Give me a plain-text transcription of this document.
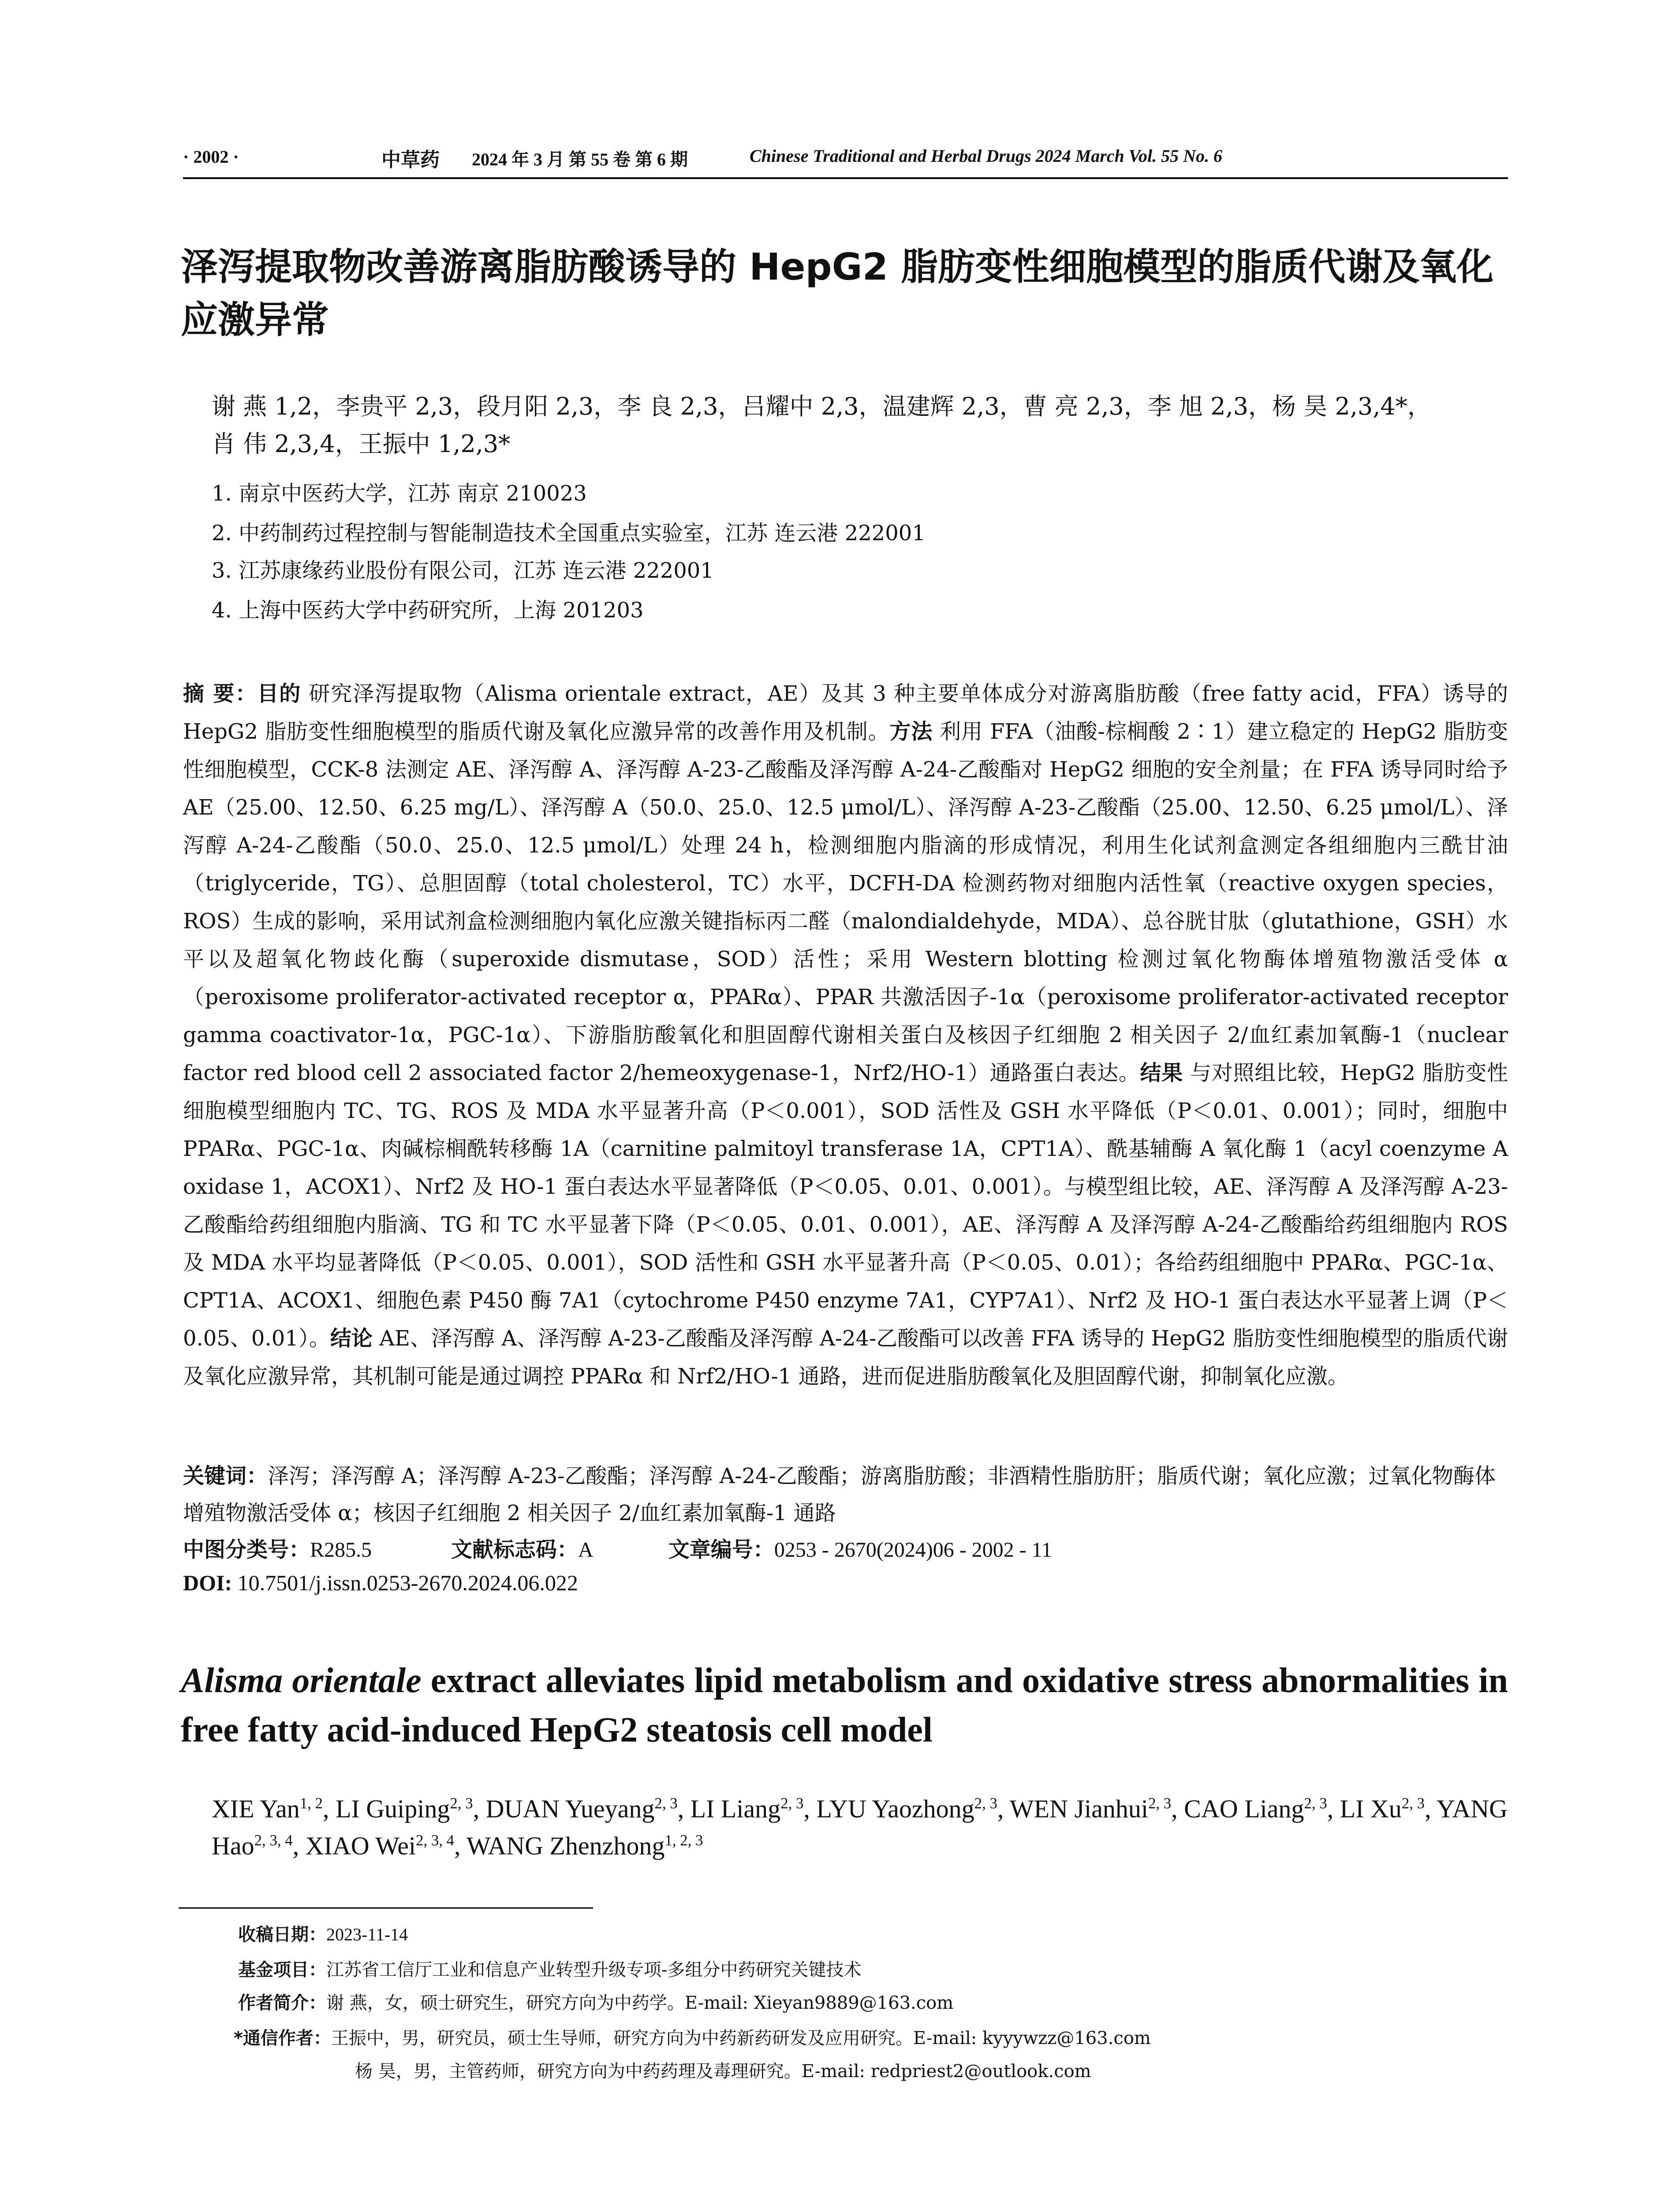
· 2002 ·	中草药 2024 年 3 月 第 55 卷 第 6 期	Chinese Traditional and Herbal Drugs 2024 March Vol. 55 No. 6
泽泻提取物改善游离脂肪酸诱导的 HepG2 脂肪变性细胞模型的脂质代谢及氧化应激异常
谢 燕 1,2，李贵平 2,3，段月阳 2,3，李 良 2,3，吕耀中 2,3，温建辉 2,3，曹 亮 2,3，李 旭 2,3，杨 昊 2,3,4*，
肖 伟 2,3,4，王振中 1,2,3*
1. 南京中医药大学，江苏 南京 210023
2. 中药制药过程控制与智能制造技术全国重点实验室，江苏 连云港 222001
3. 江苏康缘药业股份有限公司，江苏 连云港 222001
4. 上海中医药大学中药研究所，上海 201203
摘 要：目的 研究泽泻提取物（Alisma orientale extract，AE）及其 3 种主要单体成分对游离脂肪酸（free fatty acid，FFA）诱导的 HepG2 脂肪变性细胞模型的脂质代谢及氧化应激异常的改善作用及机制。方法 利用 FFA（油酸-棕榈酸 2∶1）建立稳定的 HepG2 脂肪变性细胞模型，CCK-8 法测定 AE、泽泻醇 A、泽泻醇 A-23-乙酸酯及泽泻醇 A-24-乙酸酯对 HepG2 细胞的安全剂量；在 FFA 诱导同时给予 AE（25.00、12.50、6.25 mg/L）、泽泻醇 A（50.0、25.0、12.5 μmol/L）、泽泻醇 A-23-乙酸酯（25.00、12.50、6.25 μmol/L）、泽泻醇 A-24-乙酸酯（50.0、25.0、12.5 μmol/L）处理 24 h，检测细胞内脂滴的形成情况，利用生化试剂盒测定各组细胞内三酰甘油（triglyceride，TG）、总胆固醇（total cholesterol，TC）水平，DCFH-DA 检测药物对细胞内活性氧（reactive oxygen species，ROS）生成的影响，采用试剂盒检测细胞内氧化应激关键指标丙二醛（malondialdehyde，MDA）、总谷胱甘肽（glutathione，GSH）水平以及超氧化物歧化酶（superoxide dismutase，SOD）活性；采用 Western blotting 检测过氧化物酶体增殖物激活受体 α（peroxisome proliferator-activated receptor α，PPARα）、PPAR 共激活因子-1α（peroxisome proliferator-activated receptor gamma coactivator-1α，PGC-1α）、下游脂肪酸氧化和胆固醇代谢相关蛋白及核因子红细胞 2 相关因子 2/血红素加氧酶-1（nuclear factor red blood cell 2 associated factor 2/hemeoxygenase-1，Nrf2/HO-1）通路蛋白表达。结果 与对照组比较，HepG2 脂肪变性细胞模型细胞内 TC、TG、ROS 及 MDA 水平显著升高（P＜0.001），SOD 活性及 GSH 水平降低（P＜0.01、0.001）；同时，细胞中 PPARα、PGC-1α、肉碱棕榈酰转移酶 1A（carnitine palmitoyl transferase 1A，CPT1A）、酰基辅酶 A 氧化酶 1（acyl coenzyme A oxidase 1，ACOX1）、Nrf2 及 HO-1 蛋白表达水平显著降低（P＜0.05、0.01、0.001）。与模型组比较，AE、泽泻醇 A 及泽泻醇 A-23-乙酸酯给药组细胞内脂滴、TG 和 TC 水平显著下降（P＜0.05、0.01、0.001），AE、泽泻醇 A 及泽泻醇 A-24-乙酸酯给药组细胞内 ROS 及 MDA 水平均显著降低（P＜0.05、0.001），SOD 活性和 GSH 水平显著升高（P＜0.05、0.01）；各给药组细胞中 PPARα、PGC-1α、CPT1A、ACOX1、细胞色素 P450 酶 7A1（cytochrome P450 enzyme 7A1，CYP7A1）、Nrf2 及 HO-1 蛋白表达水平显著上调（P＜0.05、0.01）。结论 AE、泽泻醇 A、泽泻醇 A-23-乙酸酯及泽泻醇 A-24-乙酸酯可以改善 FFA 诱导的 HepG2 脂肪变性细胞模型的脂质代谢及氧化应激异常，其机制可能是通过调控 PPARα 和 Nrf2/HO-1 通路，进而促进脂肪酸氧化及胆固醇代谢，抑制氧化应激。
关键词：泽泻；泽泻醇 A；泽泻醇 A-23-乙酸酯；泽泻醇 A-24-乙酸酯；游离脂肪酸；非酒精性脂肪肝；脂质代谢；氧化应激；过氧化物酶体增殖物激活受体 α；核因子红细胞 2 相关因子 2/血红素加氧酶-1 通路
中图分类号：R285.5	文献标志码：A	文章编号：0253 - 2670(2024)06 - 2002 - 11
DOI: 10.7501/j.issn.0253-2670.2024.06.022
Alisma orientale extract alleviates lipid metabolism and oxidative stress abnormalities in free fatty acid-induced HepG2 steatosis cell model
XIE Yan$^{1, 2}$, LI Guiping$^{2, 3}$, DUAN Yueyang$^{2, 3}$, LI Liang$^{2, 3}$, LYU Yaozhong$^{2, 3}$, WEN Jianhui$^{2, 3}$, CAO Liang$^{2, 3}$, LI Xu$^{2, 3}$, YANG Hao$^{2, 3, 4}$, XIAO Wei$^{2, 3, 4}$, WANG Zhenzhong$^{1, 2, 3}$
收稿日期：2023-11-14
基金项目：江苏省工信厅工业和信息产业转型升级专项-多组分中药研究关键技术
作者简介：谢 燕，女，硕士研究生，研究方向为中药学。E-mail: Xieyan9889@163.com
*通信作者：王振中，男，研究员，硕士生导师，研究方向为中药新药研发及应用研究。E-mail: kyyywzz@163.com
杨 昊，男，主管药师，研究方向为中药药理及毒理研究。E-mail: redpriest2@outlook.com
